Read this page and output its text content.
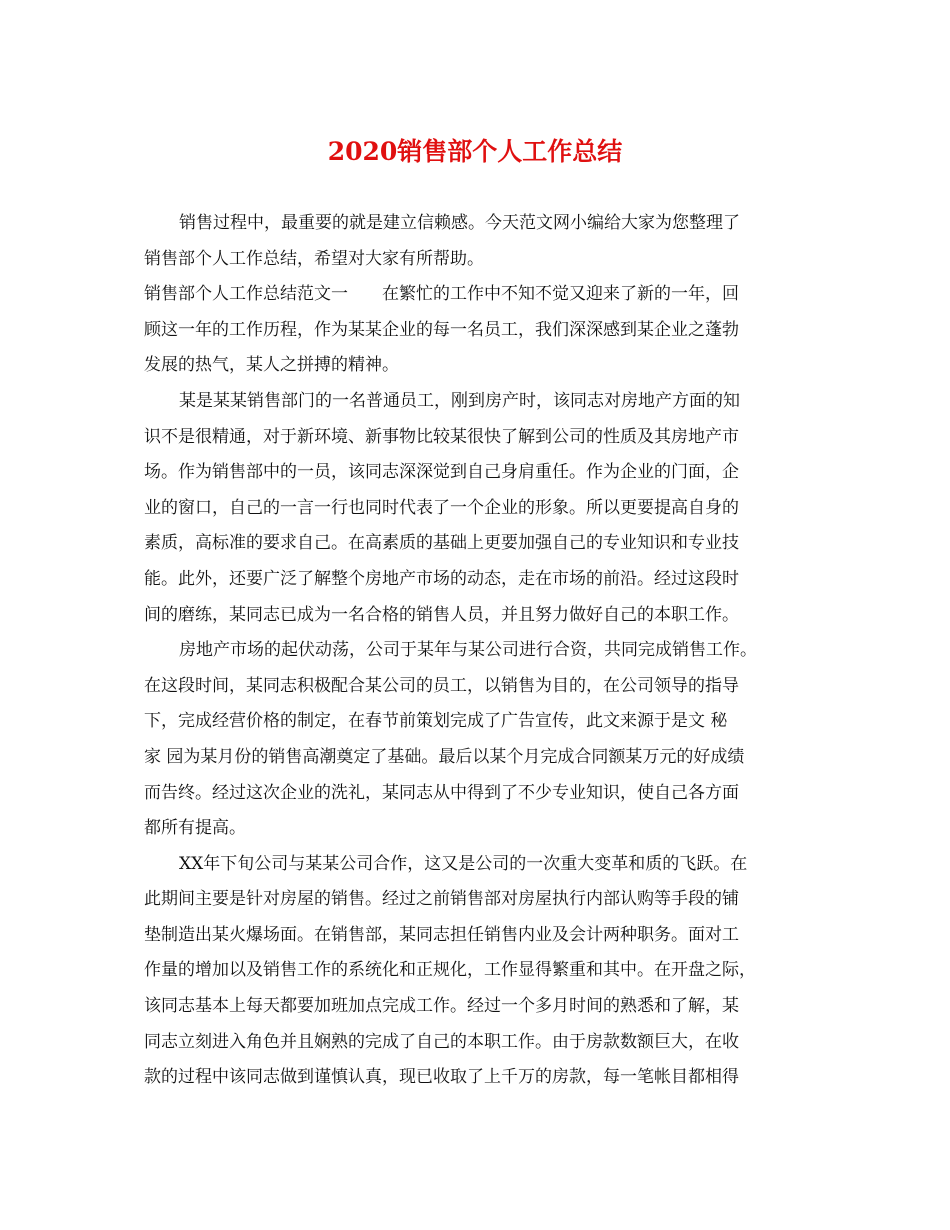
2020销售部个人工作总结
销售过程中，最重要的就是建立信赖感。今天范文网小编给大家为您整理了
销售部个人工作总结，希望对大家有所帮助。
销售部个人工作总结范文一　　在繁忙的工作中不知不觉又迎来了新的一年，回
顾这一年的工作历程，作为某某企业的每一名员工，我们深深感到某企业之蓬勃
发展的热气，某人之拼搏的精神。
某是某某销售部门的一名普通员工，刚到房产时，该同志对房地产方面的知
识不是很精通，对于新环境、新事物比较某很快了解到公司的性质及其房地产市
场。作为销售部中的一员，该同志深深觉到自己身肩重任。作为企业的门面，企
业的窗口，自己的一言一行也同时代表了一个企业的形象。所以更要提高自身的
素质，高标准的要求自己。在高素质的基础上更要加强自己的专业知识和专业技
能。此外，还要广泛了解整个房地产市场的动态，走在市场的前沿。经过这段时
间的磨练，某同志已成为一名合格的销售人员，并且努力做好自己的本职工作。
房地产市场的起伏动荡，公司于某年与某公司进行合资，共同完成销售工作。
在这段时间，某同志积极配合某公司的员工，以销售为目的，在公司领导的指导
下，完成经营价格的制定，在春节前策划完成了广告宣传，此文来源于是文 秘
家 园为某月份的销售高潮奠定了基础。最后以某个月完成合同额某万元的好成绩
而告终。经过这次企业的洗礼，某同志从中得到了不少专业知识，使自己各方面
都所有提高。
XX年下旬公司与某某公司合作，这又是公司的一次重大变革和质的飞跃。在
此期间主要是针对房屋的销售。经过之前销售部对房屋执行内部认购等手段的铺
垫制造出某火爆场面。在销售部，某同志担任销售内业及会计两种职务。面对工
作量的增加以及销售工作的系统化和正规化，工作显得繁重和其中。在开盘之际，
该同志基本上每天都要加班加点完成工作。经过一个多月时间的熟悉和了解，某
同志立刻进入角色并且娴熟的完成了自己的本职工作。由于房款数额巨大，在收
款的过程中该同志做到谨慎认真，现已收取了上千万的房款，每一笔帐目都相得
